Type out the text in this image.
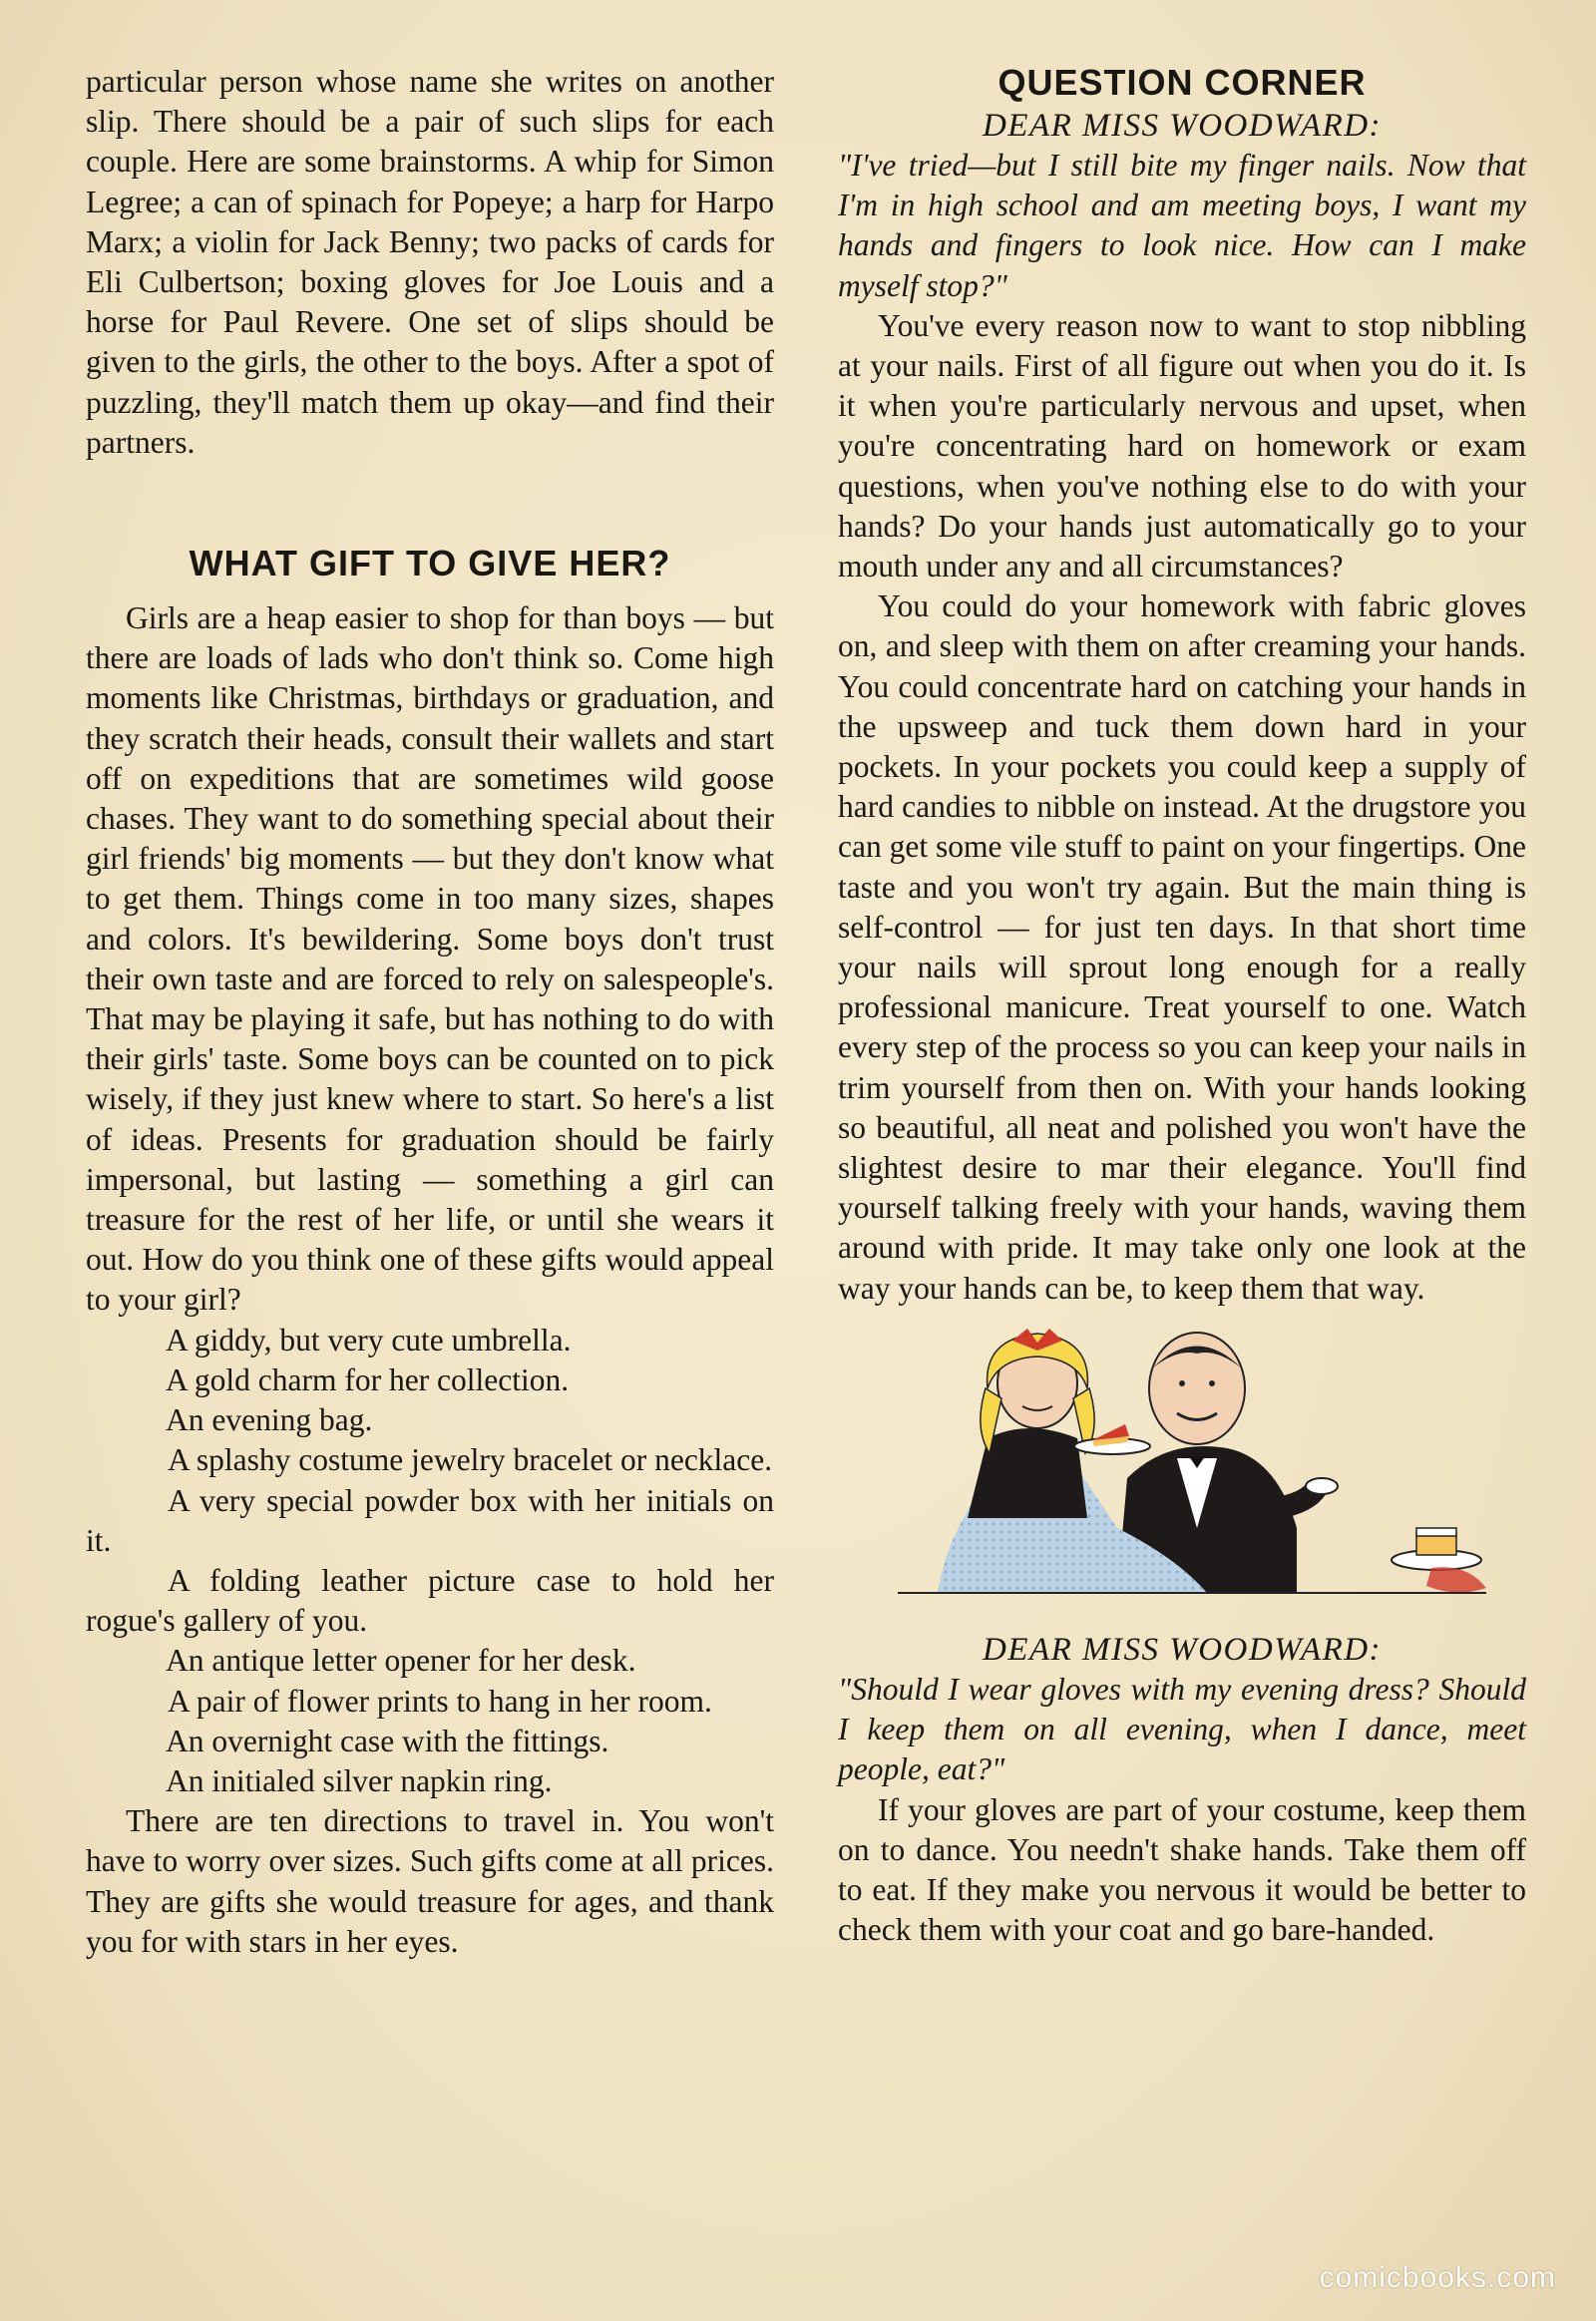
particular person whose name she writes on another slip. There should be a pair of such slips for each couple. Here are some brainstorms. A whip for Simon Legree; a can of spinach for Popeye; a harp for Harpo Marx; a violin for Jack Benny; two packs of cards for Eli Culbertson; boxing gloves for Joe Louis and a horse for Paul Revere. One set of slips should be given to the girls, the other to the boys. After a spot of puzzling, they'll match them up okay—and find their partners.

WHAT GIFT TO GIVE HER?

Girls are a heap easier to shop for than boys — but there are loads of lads who don't think so. Come high moments like Christmas, birthdays or graduation, and they scratch their heads, consult their wallets and start off on expeditions that are sometimes wild goose chases. They want to do something special about their girl friends' big moments — but they don't know what to get them. Things come in too many sizes, shapes and colors. It's bewildering. Some boys don't trust their own taste and are forced to rely on salespeople's. That may be playing it safe, but has nothing to do with their girls' taste. Some boys can be counted on to pick wisely, if they just knew where to start. So here's a list of ideas. Presents for graduation should be fairly impersonal, but lasting — something a girl can treasure for the rest of her life, or until she wears it out. How do you think one of these gifts would appeal to your girl?

A giddy, but very cute umbrella.
A gold charm for her collection.
An evening bag.
A splashy costume jewelry bracelet or necklace.
A very special powder box with her initials on it.
A folding leather picture case to hold her rogue's gallery of you.
An antique letter opener for her desk.
A pair of flower prints to hang in her room.
An overnight case with the fittings.
An initialed silver napkin ring.

There are ten directions to travel in. You won't have to worry over sizes. Such gifts come at all prices. They are gifts she would treasure for ages, and thank you for with stars in her eyes.

QUESTION CORNER
DEAR MISS WOODWARD:

"I've tried—but I still bite my finger nails. Now that I'm in high school and am meeting boys, I want my hands and fingers to look nice. How can I make myself stop?"

You've every reason now to want to stop nibbling at your nails. First of all figure out when you do it. Is it when you're particularly nervous and upset, when you're concentrating hard on homework or exam questions, when you've nothing else to do with your hands? Do your hands just automatically go to your mouth under any and all circumstances?

You could do your homework with fabric gloves on, and sleep with them on after creaming your hands. You could concentrate hard on catching your hands in the upsweep and tuck them down hard in your pockets. In your pockets you could keep a supply of hard candies to nibble on instead. At the drugstore you can get some vile stuff to paint on your fingertips. One taste and you won't try again. But the main thing is self-control — for just ten days. In that short time your nails will sprout long enough for a really professional manicure. Treat yourself to one. Watch every step of the process so you can keep your nails in trim yourself from then on. With your hands looking so beautiful, all neat and polished you won't have the slightest desire to mar their elegance. You'll find yourself talking freely with your hands, waving them around with pride. It may take only one look at the way your hands can be, to keep them that way.

DEAR MISS WOODWARD:

"Should I wear gloves with my evening dress? Should I keep them on all evening, when I dance, meet people, eat?"

If your gloves are part of your costume, keep them on to dance. You needn't shake hands. Take them off to eat. If they make you nervous it would be better to check them with your coat and go bare-handed.

comicbooks.com
